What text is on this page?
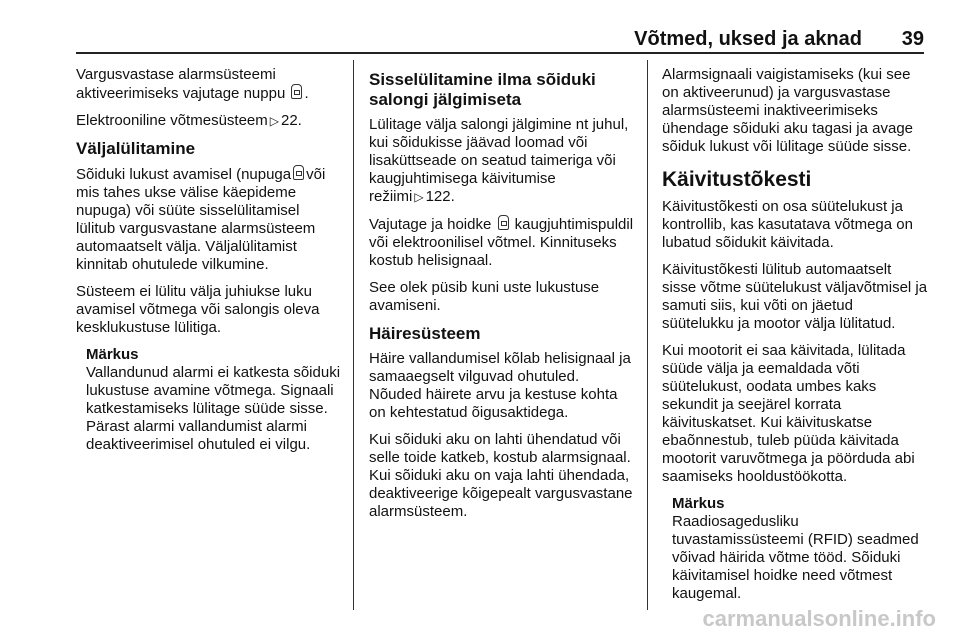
Võtmed, uksed ja aknad 39

Vargusvastase alarmsüsteemi aktiveerimiseks vajutage nuppu .

Elektrooniline võtmesüsteem ▷ 22.

Väljalülitamine

Sõiduki lukust avamisel (nupuga või mis tahes ukse välise käepideme nupuga) või süüte sisselülitamisel lülitub vargusvastane alarmsüsteem automaatselt välja. Väljalülitamist kinnitab ohutulede vilkumine.

Süsteem ei lülitu välja juhiukse luku avamisel võtmega või salongis oleva kesklukustuse lülitiga.

Märkus
Vallandunud alarmi ei katkesta sõiduki lukustuse avamine võtmega. Signaali katkestamiseks lülitage süüde sisse. Pärast alarmi vallandumist alarmi deaktiveerimisel ohutuled ei vilgu.
Sisselülitamine ilma sõiduki salongi jälgimiseta

Lülitage välja salongi jälgimine nt juhul, kui sõidukisse jäävad loomad või lisaküttseade on seatud taimeriga või kaugjuhtimisega käivitumise režiimi ▷ 122.

Vajutage ja hoidke kaugjuhtimispuldil või elektroonilisel võtmel. Kinnituseks kostub helisignaal.

See olek püsib kuni uste lukustuse avamiseni.

Häiresüsteem

Häire vallandumisel kõlab helisignaal ja samaaegselt vilguvad ohutuled. Nõuded häirete arvu ja kestuse kohta on kehtestatud õigusaktidega.

Kui sõiduki aku on lahti ühendatud või selle toide katkeb, kostub alarmsignaal. Kui sõiduki aku on vaja lahti ühendada, deaktiveerige kõigepealt vargusvastane alarmsüsteem.

Alarmsignaali vaigistamiseks (kui see on aktiveerunud) ja vargusvastase alarmsüsteemi inaktiveerimiseks ühendage sõiduki aku tagasi ja avage sõiduk lukust või lülitage süüde sisse.

Käivitustõkesti

Käivitustõkesti on osa süütelukust ja kontrollib, kas kasutatava võtmega on lubatud sõidukit käivitada.

Käivitustõkesti lülitub automaatselt sisse võtme süütelukust väljavõtmisel ja samuti siis, kui võti on jäetud süütelukku ja mootor välja lülitatud.

Kui mootorit ei saa käivitada, lülitada süüde välja ja eemaldada võti süütelukust, oodata umbes kaks sekundit ja seejärel korrata käivituskatset. Kui käivituskatse ebaõnnestub, tuleb püüda käivitada mootorit varuvõtmega ja pöörduda abi saamiseks hooldustöökotta.

Märkus
Raadiosagedusliku tuvastamissüsteemi (RFID) seadmed võivad häirida võtme tööd. Sõiduki käivitamisel hoidke need võtmest kaugemal.
carmanualsonline.info
